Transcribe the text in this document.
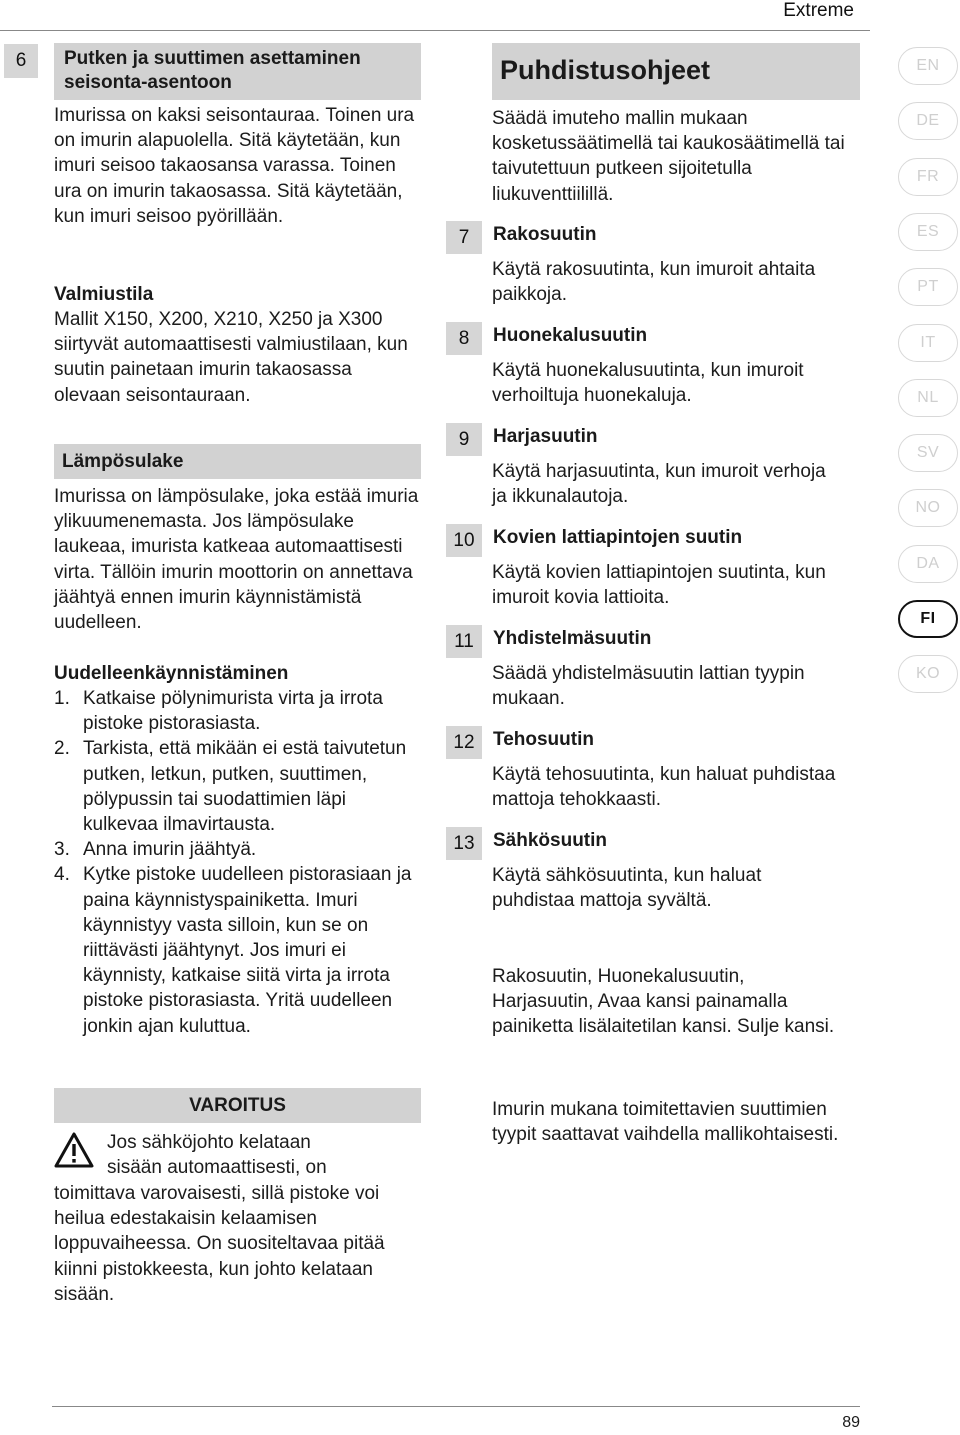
Extreme
6	Putken ja suuttimen asettaminen seisonta-asentoon
Imurissa on kaksi seisontaurаа. Toinen ura on imurin alapuolella. Sitä käytetään, kun imuri seisoo takaosansa varassa. Toinen ura on imurin takaosassa. Sitä käytetään, kun imuri seisoo pyörillään.
Valmiustila
Mallit X150, X200, X210, X250 ja X300 siirtyvät automaattisesti valmiustilaan, kun suutin painetaan imurin takaosassa olevaan seisontauraan.
Lämpösulake
Imurissa on lämpösulake, joka estää imuria ylikuumenemasta. Jos lämpösulake laukeaa, imurista katkeaa automaattisesti virta. Tällöin imurin moottorin on annettava jäähtyä ennen imurin käynnistämistä uudelleen.
Uudelleenkäynnistäminen
1. Katkaise pölynimurista virta ja irrota pistoke pistorasiasta.
2. Tarkista, että mikään ei estä taivutetun putken, letkun, putken, suuttimen, pölypussin tai suodattimien läpi kulkevaa ilmavirtausta.
3. Anna imurin jäähtyä.
4. Kytke pistoke uudelleen pistorasiaan ja paina käynnistyspainiketta. Imuri käynnistyy vasta silloin, kun se on riittävästi jäähtynyt. Jos imuri ei käynnisty, katkaise siitä virta ja irrota pistoke pistorasiasta. Yritä uudelleen jonkin ajan kuluttua.
VAROITUS
Jos sähköjohto kelataan
sisään automaattisesti, on
toimittava varovaisesti, sillä pistoke voi heilua edestakaisin kelaamisen loppuvaiheessa. On suositeltavaa pitää kiinni pistokkeesta, kun johto kelataan sisään.
Puhdistusohjeet
Säädä imuteho mallin mukaan kosketussäätimellä tai kaukosäätimellä tai taivutettuun putkeen sijoitetulla liukuventtiilillä.
7	Rakosuutin
Käytä rakosuutinta, kun imuroit ahtaita paikkoja.
8	Huonekalusuutin
Käytä huonekalusuutinta, kun imuroit verhoiltuja huonekaluja.
9	Harjasuutin
Käytä harjasuutinta, kun imuroit verhoja ja ikkunalautoja.
10 Kovien lattiapintojen suutin
Käytä kovien lattiapintojen suutinta, kun imuroit kovia lattioita.
11	Yhdistelmäsuutin
Säädä yhdistelmäsuutin lattian tyypin mukaan.
12 Tehosuutin
Käytä tehosuutinta, kun haluat puhdistaa mattoja tehokkaasti.
13 Sähkösuutin
Käytä sähkösuutinta, kun haluat puhdistaa mattoja syvältä.
Rakosuutin, Huonekalusuutin, Harjasuutin, Avaa kansi painamalla painiketta lisälaitetilan kansi. Sulje kansi.
Imurin mukana toimitettavien suuttimien tyypit saattavat vaihdella mallikohtaisesti.
EN
DE
FR
ES
PT
IT
NL
SV
NO
DA
FI
KO
89
